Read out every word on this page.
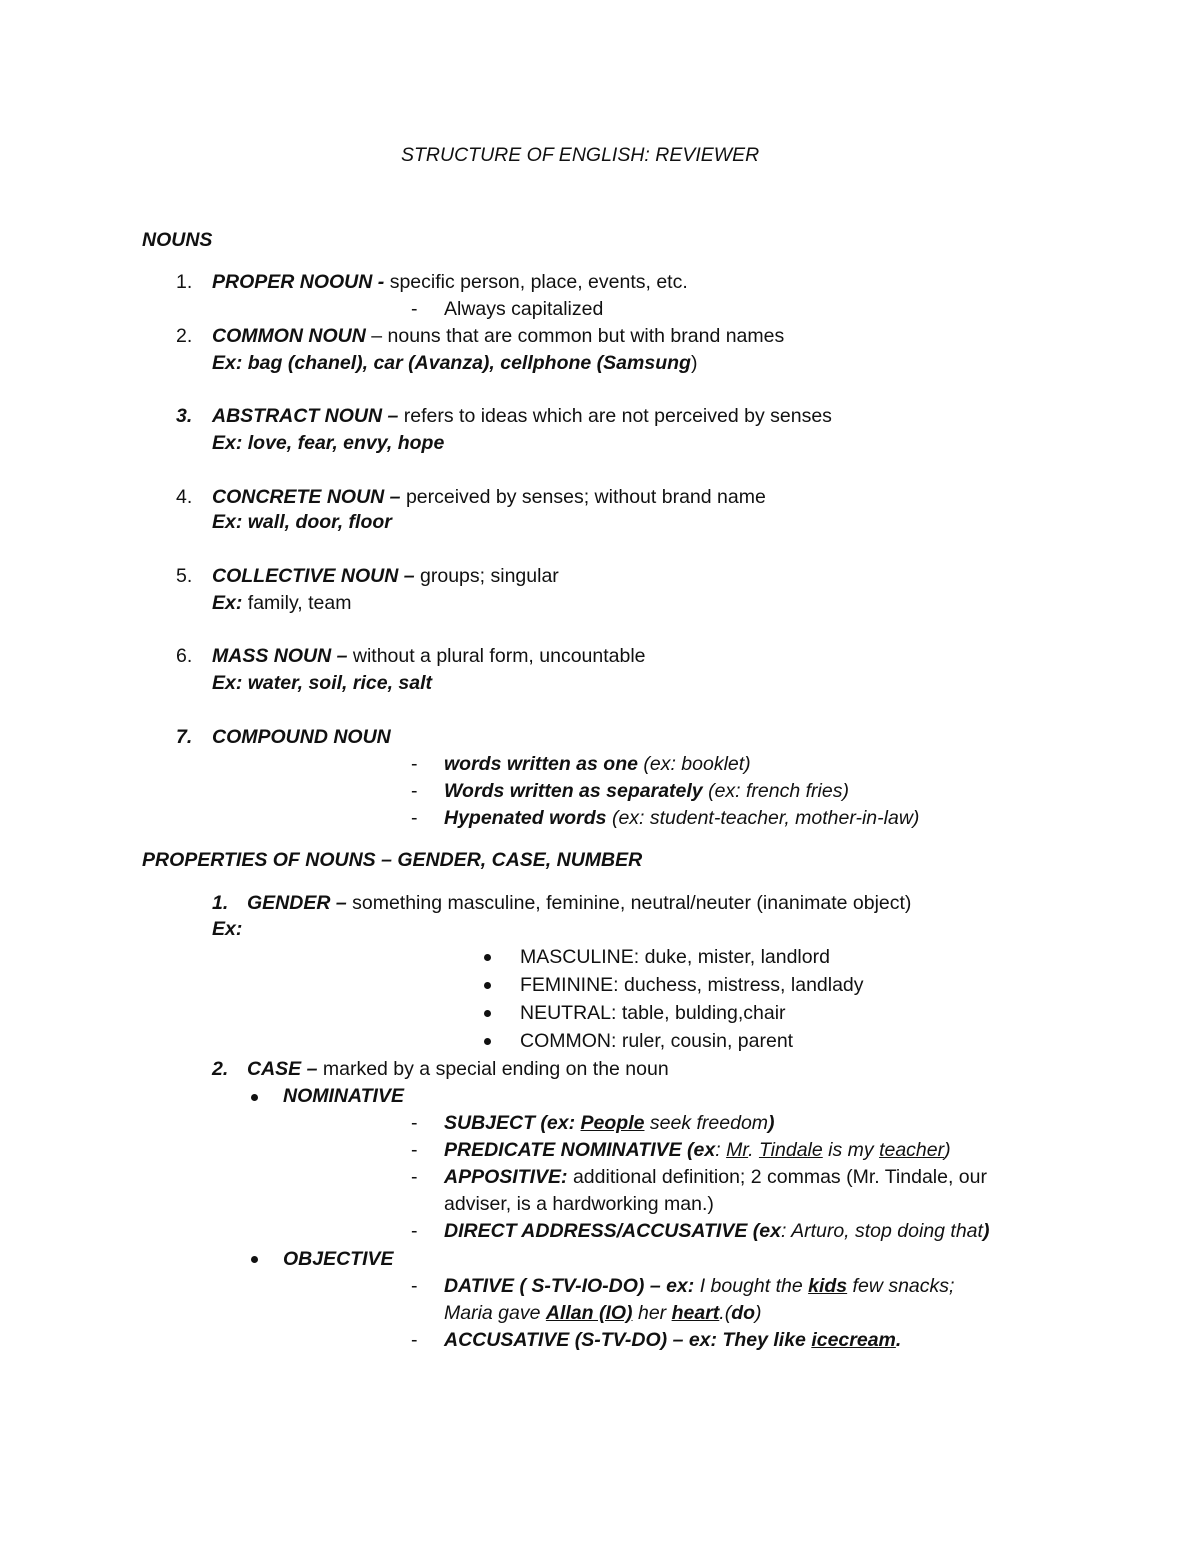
STRUCTURE OF ENGLISH: REVIEWER
NOUNS
1. PROPER NOOUN - specific person, place, events, etc.
- Always capitalized
2. COMMON NOUN – nouns that are common but with brand names
Ex: bag (chanel), car (Avanza), cellphone (Samsung)
3. ABSTRACT NOUN – refers to ideas which are not perceived by senses
Ex: love, fear, envy, hope
4. CONCRETE NOUN – perceived by senses; without brand name
Ex: wall, door, floor
5. COLLECTIVE NOUN – groups; singular
Ex: family, team
6. MASS NOUN – without a plural form, uncountable
Ex: water, soil, rice, salt
7. COMPOUND NOUN
- words written as one (ex: booklet)
- Words written as separately (ex: french fries)
- Hypenated words (ex: student-teacher, mother-in-law)
PROPERTIES OF NOUNS – GENDER, CASE, NUMBER
1. GENDER – something masculine, feminine, neutral/neuter (inanimate object)
Ex:
MASCULINE: duke, mister, landlord
FEMININE: duchess, mistress, landlady
NEUTRAL: table, bulding,chair
COMMON: ruler, cousin, parent
2. CASE – marked by a special ending on the noun
NOMINATIVE
- SUBJECT (ex: People seek freedom)
- PREDICATE NOMINATIVE (ex: Mr. Tindale is my teacher)
- APPOSITIVE: additional definition; 2 commas (Mr. Tindale, our
adviser, is a hardworking man.)
- DIRECT ADDRESS/ACCUSATIVE (ex: Arturo, stop doing that)
OBJECTIVE
- DATIVE ( S-TV-IO-DO) – ex: I bought the kids few snacks;
Maria gave Allan (IO) her heart.(do)
- ACCUSATIVE (S-TV-DO) – ex: They like icecream.
